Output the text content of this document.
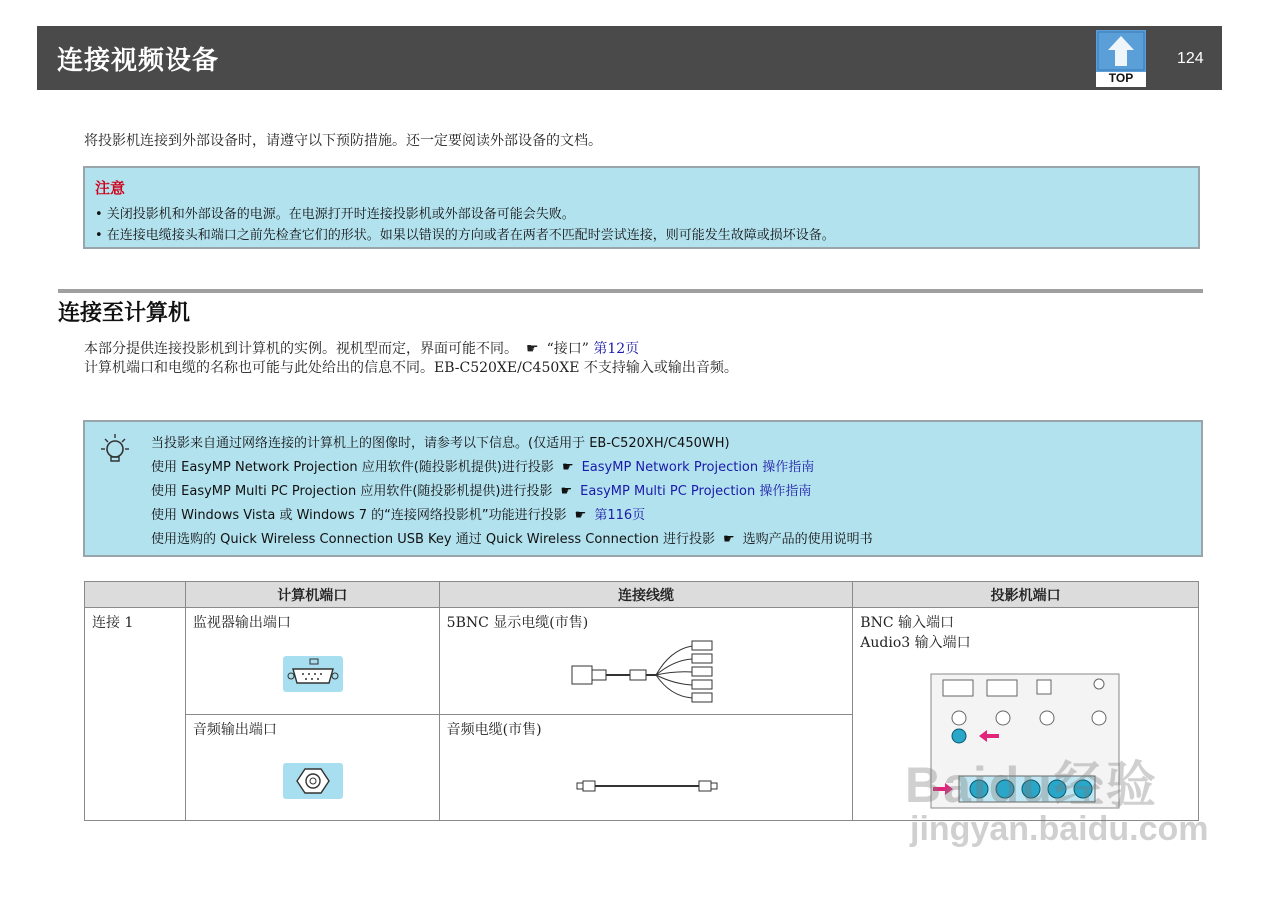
连接视频设备
TOP
124
将投影机连接到外部设备时，请遵守以下预防措施。还一定要阅读外部设备的文档。
注意
• 关闭投影机和外部设备的电源。在电源打开时连接投影机或外部设备可能会失败。
• 在连接电缆接头和端口之前先检查它们的形状。如果以错误的方向或者在两者不匹配时尝试连接，则可能发生故障或损坏设备。
连接至计算机
本部分提供连接投影机到计算机的实例。视机型而定，界面可能不同。 ☛ “接口” 第12页
计算机端口和电缆的名称也可能与此处给出的信息不同。EB-C520XE/C450XE 不支持输入或输出音频。
当投影来自通过网络连接的计算机上的图像时，请参考以下信息。(仅适用于 EB-C520XH/C450WH)
使用 EasyMP Network Projection 应用软件(随投影机提供)进行投影 ☛ EasyMP Network Projection 操作指南
使用 EasyMP Multi PC Projection 应用软件(随投影机提供)进行投影 ☛ EasyMP Multi PC Projection 操作指南
使用 Windows Vista 或 Windows 7 的“连接网络投影机”功能进行投影 ☛ 第116页
使用选购的 Quick Wireless Connection USB Key 通过 Quick Wireless Connection 进行投影 ☛ 选购产品的使用说明书
	计算机端口	连接线缆	投影机端口

连接 1	监视器输出端口	5BNC 显示电缆(市售)	BNC 输入端口
Audio3 输入端口

	音频输出端口	音频电缆(市售)	
Baidu经验
jingyan.baidu.com
